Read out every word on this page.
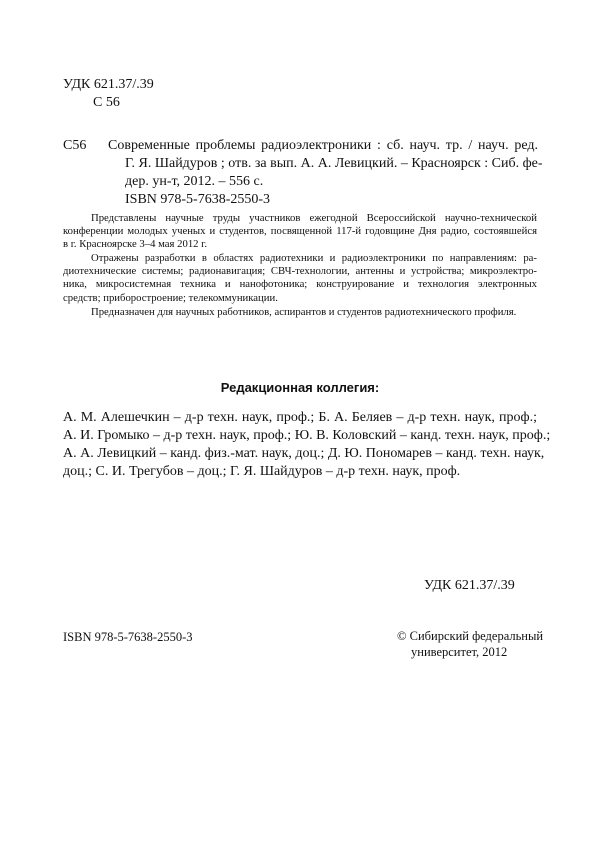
УДК 621.37/.39
С 56
С56 Современные проблемы радиоэлектроники : сб. науч. тр. / науч. ред.
Г. Я. Шайдуров ; отв. за вып. А. А. Левицкий. – Красноярск : Сиб. фе-
дер. ун-т, 2012. – 556 с.
ISBN 978-5-7638-2550-3
Представлены научные труды участников ежегодной Всероссийской научно-технической
конференции молодых ученых и студентов, посвященной 117-й годовщине Дня радио, состоявшейся
в г. Красноярске 3–4 мая 2012 г.
Отражены разработки в областях радиотехники и радиоэлектроники по направлениям: ра-
диотехнические системы; радионавигация; СВЧ-технологии, антенны и устройства; микроэлектро-
ника, микросистемная техника и нанофотоника; конструирование и технология электронных
средств; приборостроение; телекоммуникации.
Предназначен для научных работников, аспирантов и студентов радиотехнического профиля.
Редакционная коллегия:
А. М. Алешечкин – д-р техн. наук, проф.; Б. А. Беляев – д-р техн. наук, проф.;
А. И. Громыко – д-р техн. наук, проф.; Ю. В. Коловский – канд. техн. наук, проф.;
А. А. Левицкий – канд. физ.-мат. наук, доц.; Д. Ю. Пономарев – канд. техн. наук,
доц.; С. И. Трегубов – доц.; Г. Я. Шайдуров – д-р техн. наук, проф.
УДК 621.37/.39
ISBN 978-5-7638-2550-3	© Сибирский федеральный
университет, 2012
